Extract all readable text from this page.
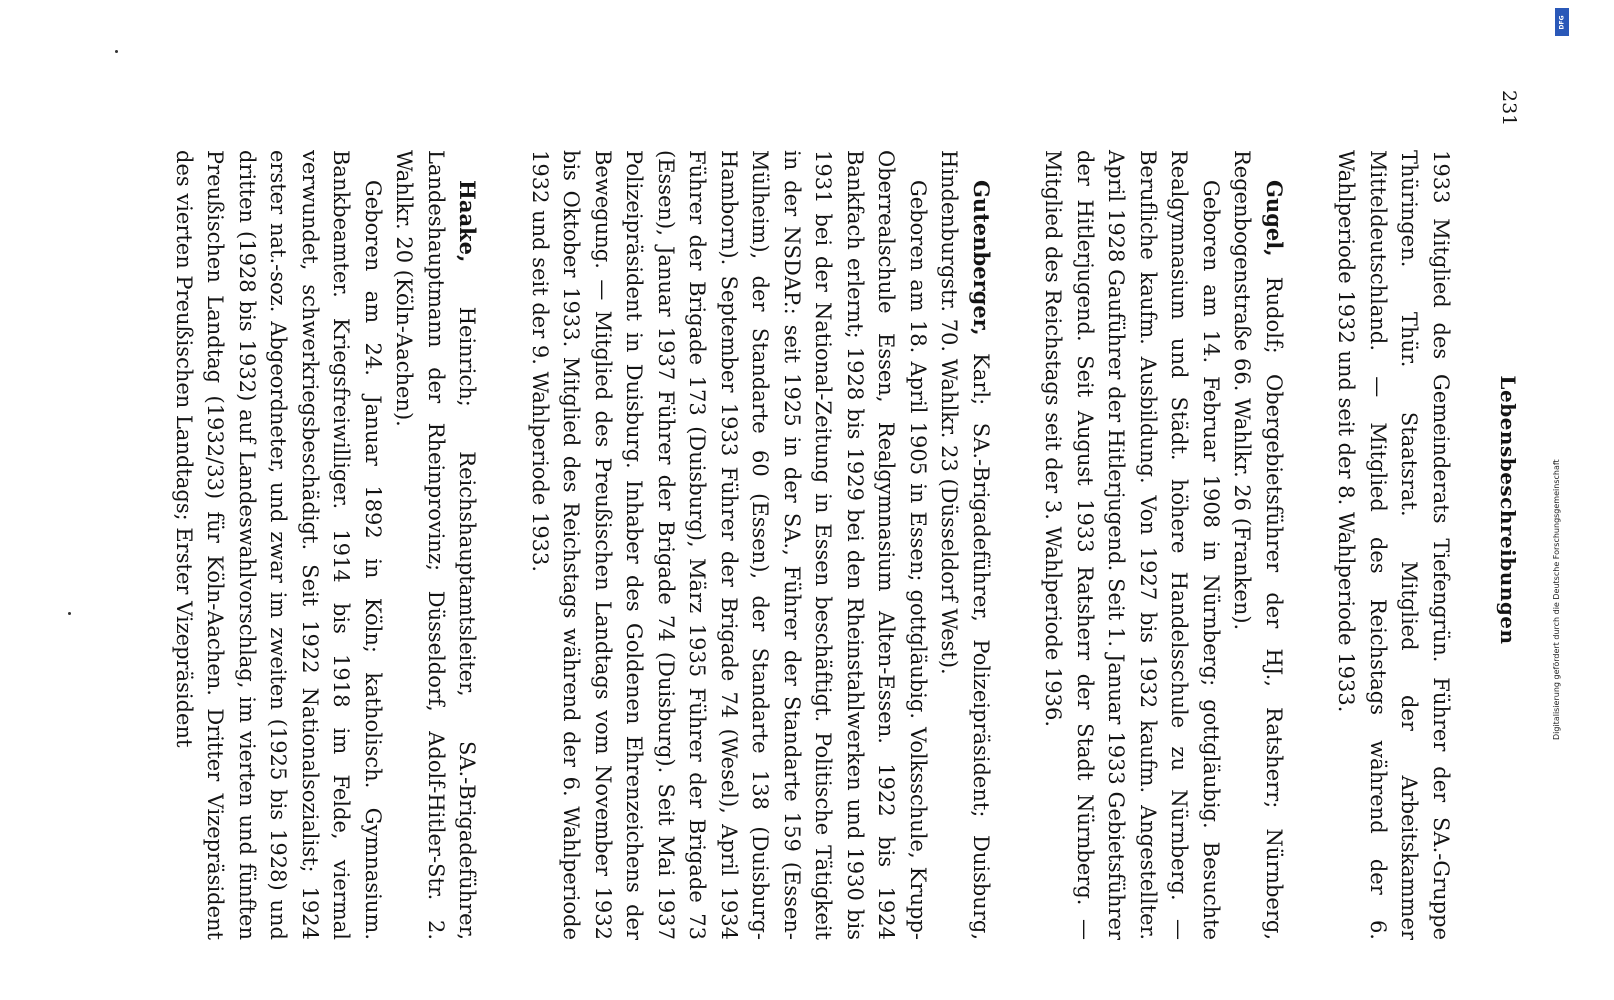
Lebensbeschreibungen
231

1933 Mitglied des Gemeinderats Tiefengrün. Führer der SA.-Gruppe Thüringen. Thür. Staatsrat. Mitglied der Arbeitskammer Mitteldeutschland. — Mitglied des Reichstags während der 6. Wahlperiode 1932 und seit der 8. Wahlperiode 1933.

Gugel, Rudolf; Obergebietsführer der HJ., Ratsherr; Nürnberg, Regenbogenstraße 66. Wahlkr. 26 (Franken).

Geboren am 14. Februar 1908 in Nürnberg; gottgläubig. Besuchte Realgymnasium und Städt. höhere Handelsschule zu Nürnberg. — Berufliche kaufm. Ausbildung. Von 1927 bis 1932 kaufm. Angestellter. April 1928 Gauführer der Hitlerjugend. Seit 1. Januar 1933 Gebietsführer der Hitlerjugend. Seit August 1933 Ratsherr der Stadt Nürnberg. — Mitglied des Reichstags seit der 3. Wahlperiode 1936.

Gutenberger, Karl; SA.-Brigadeführer, Polizeipräsident; Duisburg, Hindenburgstr. 70. Wahlkr. 23 (Düsseldorf West).

Geboren am 18. April 1905 in Essen; gottgläubig. Volksschule, Krupp-Oberrealschule Essen, Realgymnasium Alten-Essen. 1922 bis 1924 Bankfach erlernt; 1928 bis 1929 bei den Rheinstahlwerken und 1930 bis 1931 bei der National-Zeitung in Essen beschäftigt. Politische Tätigkeit in der NSDAP.: seit 1925 in der SA., Führer der Standarte 159 (Essen-Mülheim), der Standarte 60 (Essen), der Standarte 138 (Duisburg-Hamborn). September 1933 Führer der Brigade 74 (Wesel), April 1934 Führer der Brigade 173 (Duisburg), März 1935 Führer der Brigade 73 (Essen), Januar 1937 Führer der Brigade 74 (Duisburg). Seit Mai 1937 Polizeipräsident in Duisburg. Inhaber des Goldenen Ehrenzeichens der Bewegung. — Mitglied des Preußischen Landtags vom November 1932 bis Oktober 1933. Mitglied des Reichstags während der 6. Wahlperiode 1932 und seit der 9. Wahlperiode 1933.

Haake, Heinrich; Reichshauptamtsleiter, SA.-Brigadeführer, Landeshauptmann der Rheinprovinz; Düsseldorf, Adolf-Hitler-Str. 2. Wahlkr. 20 (Köln-Aachen).

Geboren am 24. Januar 1892 in Köln; katholisch. Gymnasium. Bankbeamter. Kriegsfreiwilliger. 1914 bis 1918 im Felde, viermal verwundet, schwerkriegsbeschädigt. Seit 1922 Nationalsozialist; 1924 erster nat.-soz. Abgeordneter, und zwar im zweiten (1925 bis 1928) und dritten (1928 bis 1932) auf Landeswahlvorschlag, im vierten und fünften Preußischen Landtag (1932/33) für Köln-Aachen. Dritter Vizepräsident des vierten Preußischen Landtags; Erster Vizepräsident	Digitalisierung gefördert durch die Deutsche Forschungsgemeinschaft
DFG
